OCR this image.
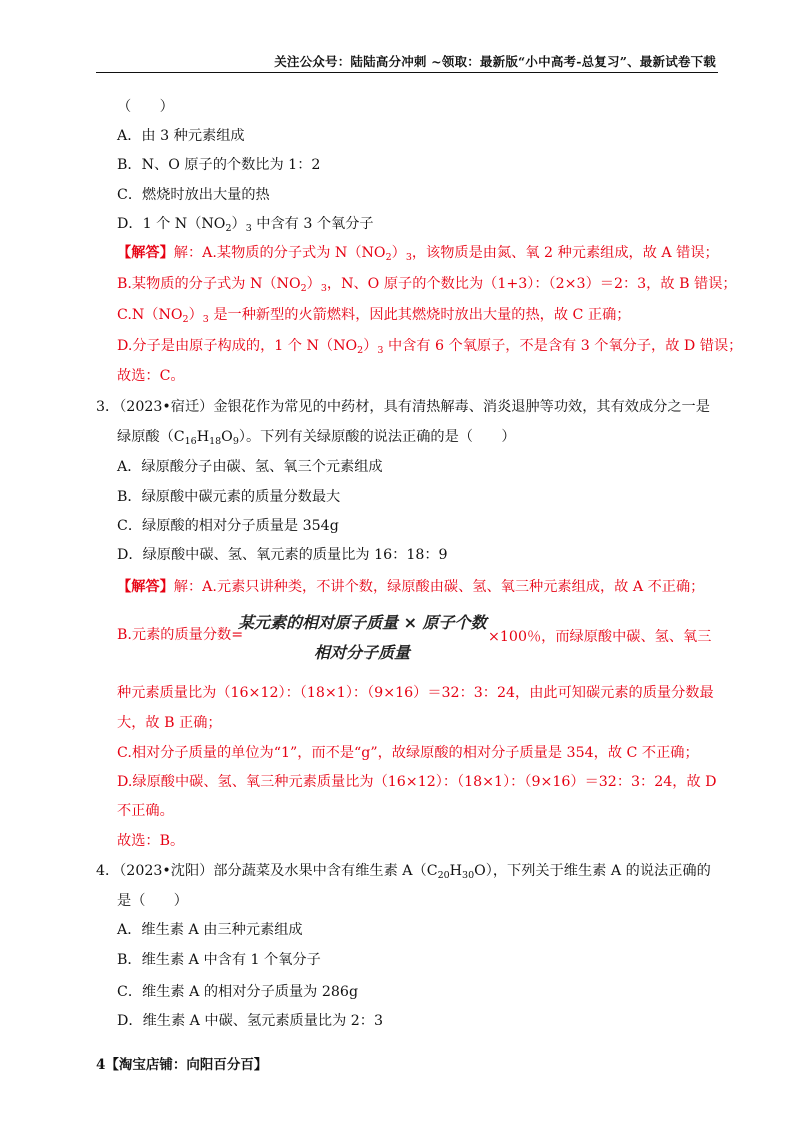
关注公众号：陆陆高分冲刺 ~领取：最新版“小中高考-总复习”、最新试卷下载
（　　）
A．由 3 种元素组成
B．N、O 原子的个数比为 1：2
C．燃烧时放出大量的热
D．1 个 $N(NO_2)_3$ 中含有 3 个氧分子
【解答】解：A.某物质的分子式为 $N(NO_2)_3$，该物质是由氮、氧 2 种元素组成，故 A 错误；
B.某物质的分子式为 $N(NO_2)_3$，N、O 原子的个数比为（1+3）：（2×3）＝2：3，故 B 错误；
$C.N(NO_2)_3$ 是一种新型的火箭燃料，因此其燃烧时放出大量的热，故 C 正确；
D.分子是由原子构成的，1 个 $N(NO_2)_3$ 中含有 6 个氧原子，不是含有 3 个氧分子，故 D 错误；
故选：C。
3．（2023•宿迁）金银花作为常见的中药材，具有清热解毒、消炎退肿等功效，其有效成分之一是
绿原酸$(C_{16}H_{18}O_9)$。下列有关绿原酸的说法正确的是（　　）
A．绿原酸分子由碳、氢、氧三个元素组成
B．绿原酸中碳元素的质量分数最大
C．绿原酸的相对分子质量是 354g
D．绿原酸中碳、氢、氧元素的质量比为 16：18：9
【解答】解：A.元素只讲种类，不讲个数，绿原酸由碳、氢、氧三种元素组成，故 A 不正确；
B.元素的质量分数=
某元素的相对原子质量 × 原子个数
相对分子质量
×100％，而绿原酸中碳、氢、氧三
种元素质量比为（16×12）：（18×1）：（9×16）＝32：3：24，由此可知碳元素的质量分数最
大，故 B 正确；
C.相对分子质量的单位为“1”，而不是“g”，故绿原酸的相对分子质量是 354，故 C 不正确；
D.绿原酸中碳、氢、氧三种元素质量比为（16×12）：（18×1）：（9×16）＝32：3：24，故 D
不正确。
故选：B。
4．（2023•沈阳）部分蔬菜及水果中含有维生素 $A(C_{20}H_{30}O)$，下列关于维生素 A 的说法正确的
是（　　）
A．维生素 A 由三种元素组成
B．维生素 A 中含有 1 个氧分子
C．维生素 A 的相对分子质量为 286g
D．维生素 A 中碳、氢元素质量比为 2：3
4【淘宝店铺：向阳百分百】
